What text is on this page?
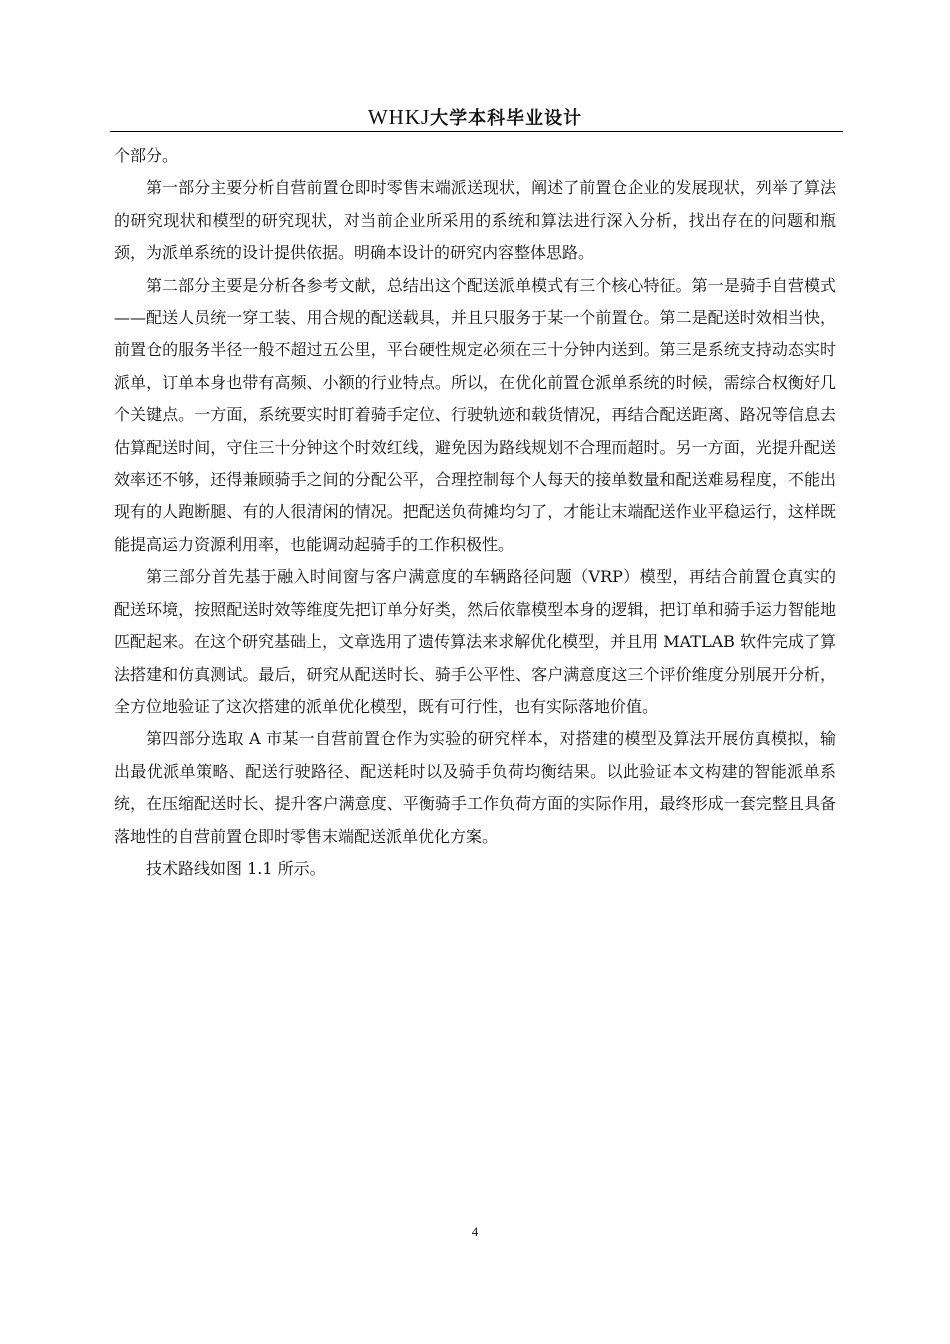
WHKJ大学本科毕业设计

个部分。

第一部分主要分析自营前置仓即时零售末端派送现状，阐述了前置仓企业的发展现状，列举了算法的研究现状和模型的研究现状，对当前企业所采用的系统和算法进行深入分析，找出存在的问题和瓶颈，为派单系统的设计提供依据。明确本设计的研究内容整体思路。

第二部分主要是分析各参考文献，总结出这个配送派单模式有三个核心特征。第一是骑手自营模式——配送人员统一穿工装、用合规的配送载具，并且只服务于某一个前置仓。第二是配送时效相当快，前置仓的服务半径一般不超过五公里，平台硬性规定必须在三十分钟内送到。第三是系统支持动态实时派单，订单本身也带有高频、小额的行业特点。所以，在优化前置仓派单系统的时候，需综合权衡好几个关键点。一方面，系统要实时盯着骑手定位、行驶轨迹和载货情况，再结合配送距离、路况等信息去估算配送时间，守住三十分钟这个时效红线，避免因为路线规划不合理而超时。另一方面，光提升配送效率还不够，还得兼顾骑手之间的分配公平，合理控制每个人每天的接单数量和配送难易程度，不能出现有的人跑断腿、有的人很清闲的情况。把配送负荷摊均匀了，才能让末端配送作业平稳运行，这样既能提高运力资源利用率，也能调动起骑手的工作积极性。

第三部分首先基于融入时间窗与客户满意度的车辆路径问题（VRP）模型，再结合前置仓真实的配送环境，按照配送时效等维度先把订单分好类，然后依靠模型本身的逻辑，把订单和骑手运力智能地匹配起来。在这个研究基础上，文章选用了遗传算法来求解优化模型，并且用 MATLAB 软件完成了算法搭建和仿真测试。最后，研究从配送时长、骑手公平性、客户满意度这三个评价维度分别展开分析，全方位地验证了这次搭建的派单优化模型，既有可行性，也有实际落地价值。

第四部分选取 A 市某一自营前置仓作为实验的研究样本，对搭建的模型及算法开展仿真模拟，输出最优派单策略、配送行驶路径、配送耗时以及骑手负荷均衡结果。以此验证本文构建的智能派单系统，在压缩配送时长、提升客户满意度、平衡骑手工作负荷方面的实际作用，最终形成一套完整且具备落地性的自营前置仓即时零售末端配送派单优化方案。

技术路线如图 1.1 所示。

4
